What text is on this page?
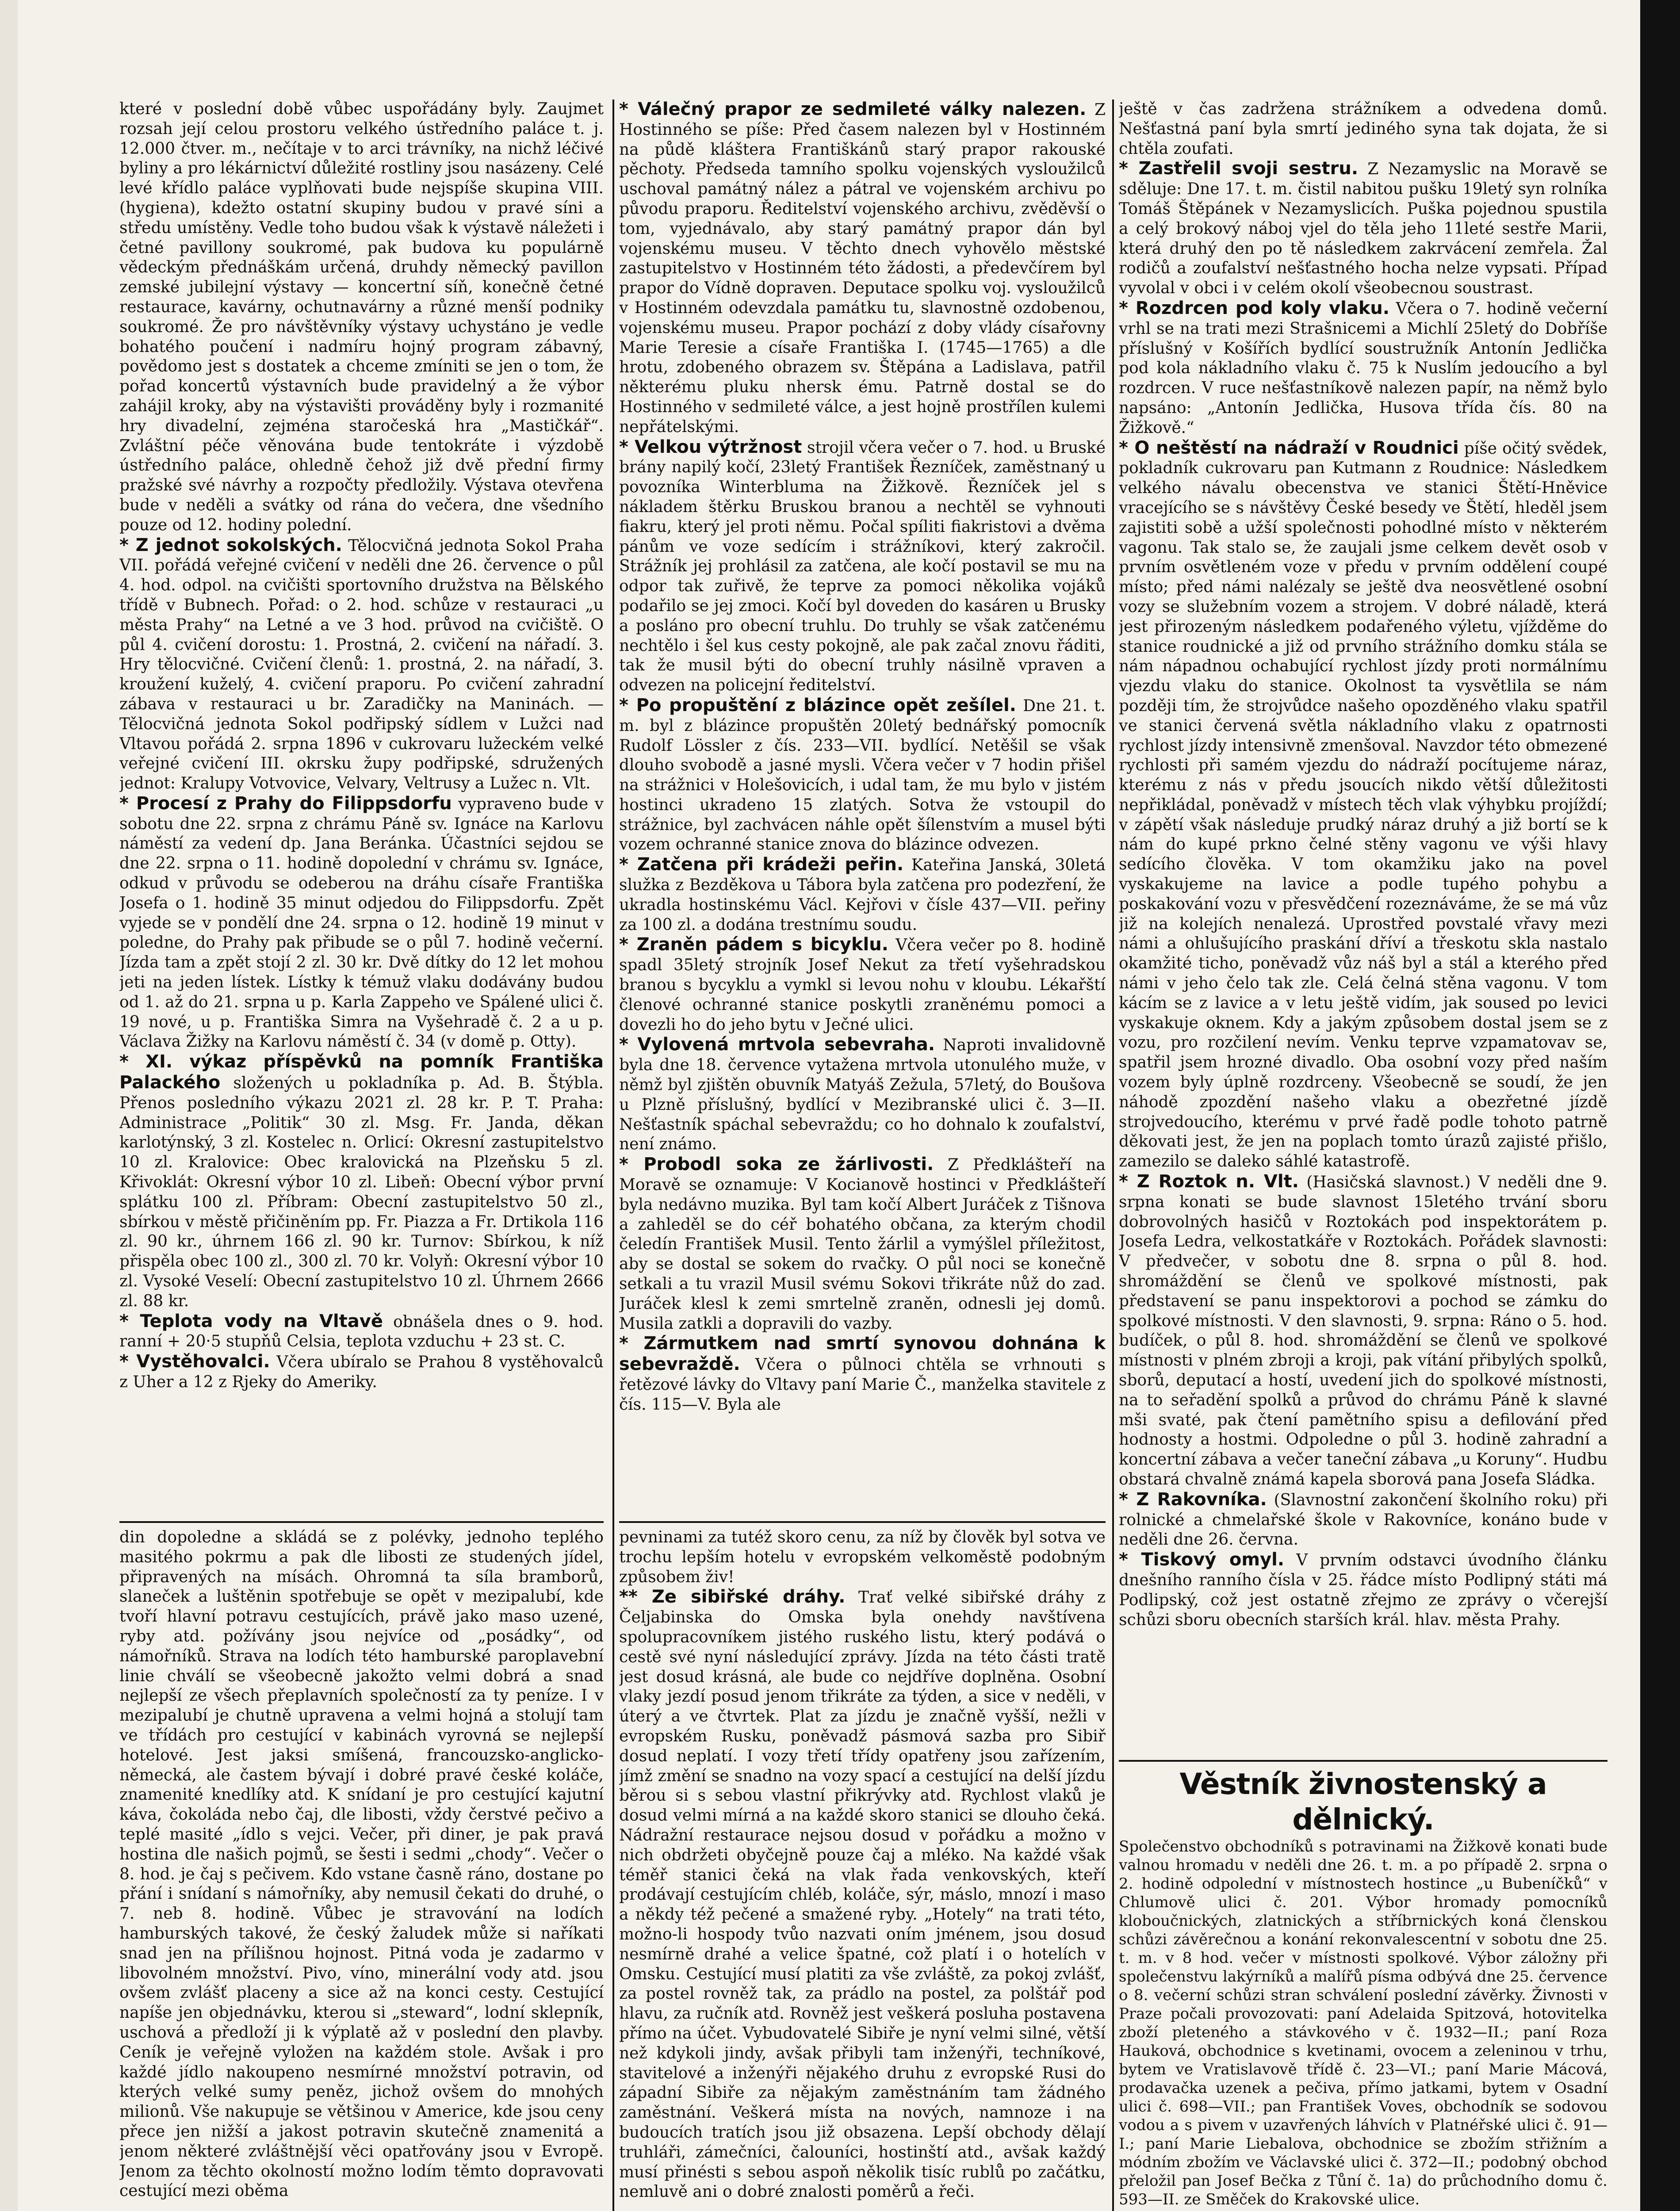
které v poslední době vůbec uspořádány byly. Zaujmet rozsah její celou prostoru velkého ústředního paláce t. j. 12.000 čtver. m., nečítaje v to arci trávníky, na nichž léčivé byliny a pro lékárnictví důležité rostliny jsou nasázeny. Celé levé křídlo paláce vyplňovati bude nejspíše skupina VIII. (hygiena), kdežto ostatní skupiny budou v pravé síni a středu umístěny. Vedle toho budou však k výstavě náležeti i četné pavillony soukromé, pak budova ku populárně vědeckým přednáškám určená, druhdy německý pavillon zemské jubilejní výstavy — koncertní síň, konečně četné restaurace, kavárny, ochutnavárny a různé menší podniky soukromé. Že pro návštěvníky výstavy uchystáno je vedle bohatého poučení i nadmíru hojný program zábavný, povědomo jest s dostatek a chceme zmíniti se jen o tom, že pořad koncertů výstavních bude pravidelný a že výbor zahájil kroky, aby na výstavišti prováděny byly i rozmanité hry divadelní, zejména staročeská hra „Mastičkář“. Zvláštní péče věnována bude tentokráte i výzdobě ústředního paláce, ohledně čehož již dvě přední firmy pražské své návrhy a rozpočty předložily. Výstava otevřena bude v neděli a svátky od rána do večera, dne všedního pouze od 12. hodiny polední.

* Z jednot sokolských. Tělocvičná jednota Sokol Praha VII. pořádá veřejné cvičení v neděli dne 26. července o půl 4. hod. odpol. na cvičišti sportovního družstva na Bělského třídě v Bubnech. Pořad: o 2. hod. schůze v restauraci „u města Prahy“ na Letné a ve 3 hod. průvod na cvičiště. O půl 4. cvičení dorostu: 1. Prostná, 2. cvičení na nářadí. 3. Hry tělocvičné. Cvičení členů: 1. prostná, 2. na nářadí, 3. kroužení kuželý, 4. cvičení praporu. Po cvičení zahradní zábava v restauraci u br. Zaradičky na Maninách. — Tělocvičná jednota Sokol podřipský sídlem v Lužci nad Vltavou pořádá 2. srpna 1896 v cukrovaru lužeckém velké veřejné cvičení III. okrsku župy podřipské, sdružených jednot: Kralupy Votvovice, Velvary, Veltrusy a Lužec n. Vlt.

* Procesí z Prahy do Filippsdorfu vypraveno bude v sobotu dne 22. srpna z chrámu Páně sv. Ignáce na Karlovu náměstí za vedení dp. Jana Beránka. Účastníci sejdou se dne 22. srpna o 11. hodině dopolední v chrámu sv. Ignáce, odkud v průvodu se odeberou na dráhu císaře Františka Josefa o 1. hodině 35 minut odjedou do Filippsdorfu. Zpět vyjede se v pondělí dne 24. srpna o 12. hodině 19 minut v poledne, do Prahy pak přibude se o půl 7. hodině večerní. Jízda tam a zpět stojí 2 zl. 30 kr. Dvě dítky do 12 let mohou jeti na jeden lístek. Lístky k témuž vlaku dodávány budou od 1. až do 21. srpna u p. Karla Zappeho ve Spálené ulici č. 19 nové, u p. Františka Simra na Vyšehradě č. 2 a u p. Václava Žižky na Karlovu náměstí č. 34 (v domě p. Otty).

* XI. výkaz příspěvků na pomník Františka Palackého složených u pokladníka p. Ad. B. Štýbla. Přenos posledního výkazu 2021 zl. 28 kr. P. T. Praha: Administrace „Politik“ 30 zl. Msg. Fr. Janda, děkan karlotýnský, 3 zl. Kostelec n. Orlicí: Okresní zastupitelstvo 10 zl. Kralovice: Obec kralovická na Plzeňsku 5 zl. Křivoklát: Okresní výbor 10 zl. Libeň: Obecní výbor první splátku 100 zl. Příbram: Obecní zastupitelstvo 50 zl., sbírkou v městě přičiněním pp. Fr. Piazza a Fr. Drtikola 116 zl. 90 kr., úhrnem 166 zl. 90 kr. Turnov: Sbírkou, k níž přispěla obec 100 zl., 300 zl. 70 kr. Volyň: Okresní výbor 10 zl. Vysoké Veselí: Obecní zastupitelstvo 10 zl. Úhrnem 2666 zl. 88 kr.

* Teplota vody na Vltavě obnášela dnes o 9. hod. ranní + 20·5 stupňů Celsia, teplota vzduchu + 23 st. C.

* Vystěhovalci. Včera ubíralo se Prahou 8 vystěhovalců z Uher a 12 z Rjeky do Ameriky.

din dopoledne a skládá se z polévky, jednoho teplého masitého pokrmu a pak dle libosti ze studených jídel, připravených na mísách. Ohromná ta síla bramborů, slaneček a luštěnin spotřebuje se opět v mezipalubí, kde tvoří hlavní potravu cestujících, právě jako maso uzené, ryby atd. požívány jsou nejvíce od „posádky“, od námořníků. Strava na lodích této hamburské paroplavební linie chválí se všeobecně jakožto velmi dobrá a snad nejlepší ze všech přeplavních společností za ty peníze. I v mezipalubí je chutně upravena a velmi hojná a stolují tam ve třídách pro cestující v kabinách vyrovná se nejlepší hotelové. Jest jaksi smíšená, francouzsko-anglicko-německá, ale častem bývají i dobré pravé české koláče, znamenité knedlíky atd. K snídaní je pro cestující kajutní káva, čokoláda nebo čaj, dle libosti, vždy čerstvé pečivo a teplé masité „ídlo s vejci. Večer, při diner, je pak pravá hostina dle našich pojmů, se šesti i sedmi „chody“. Večer o 8. hod. je čaj s pečivem. Kdo vstane časně ráno, dostane po přání i snídaní s námořníky, aby nemusil čekati do druhé, o 7. neb 8. hodině. Vůbec je stravování na lodích hamburských takové, že český žaludek může si naříkati snad jen na přílišnou hojnost. Pitná voda je zadarmo v libovolném množství. Pivo, víno, minerální vody atd. jsou ovšem zvlášť placeny a sice až na konci cesty. Cestující napíše jen objednávku, kterou si „steward“, lodní sklepník, uschová a předloží ji k výplatě až v poslední den plavby. Ceník je veřejně vyložen na každém stole. Avšak i pro každé jídlo nakoupeno nesmírné množství potravin, od kterých velké sumy peněz, jichož ovšem do mnohých milionů. Vše nakupuje se většinou v Americe, kde jsou ceny přece jen nižší a jakost potravin skutečně znamenitá a jenom některé zvláštnější věci opatřovány jsou v Evropě. Jenom za těchto okolností možno lodím těmto dopravovati cestující mezi oběma

* Válečný prapor ze sedmileté války nalezen. Z Hostinného se píše: Před časem nalezen byl v Hostinném na půdě kláštera Františkánů starý prapor rakouské pěchoty. Předseda tamního spolku vojenských vysloužilců uschoval památný nález a pátral ve vojenském archivu po původu praporu. Ředitelství vojenského archivu, zvěděvší o tom, vyjednávalo, aby starý památný prapor dán byl vojenskému museu. V těchto dnech vyhovělo městské zastupitelstvo v Hostinném této žádosti, a předevčírem byl prapor do Vídně dopraven. Deputace spolku voj. vysloužilců v Hostinném odevzdala památku tu, slavnostně ozdobenou, vojenskému museu. Prapor pochází z doby vlády císařovny Marie Teresie a císaře Františka I. (1745—1765) a dle hrotu, zdobeného obrazem sv. Štěpána a Ladislava, patřil některému pluku nhersk ému. Patrně dostal se do Hostinného v sedmileté válce, a jest hojně prostřílen kulemi nepřátelskými.

* Velkou výtržnost strojil včera večer o 7. hod. u Bruské brány napilý kočí, 23letý František Řezníček, zaměstnaný u povozníka Winterbluma na Žižkově. Řezníček jel s nákladem štěrku Bruskou branou a nechtěl se vyhnouti fiakru, který jel proti němu. Počal spíliti fiakristovi a dvěma pánům ve voze sedícím i strážníkovi, který zakročil. Strážník jej prohlásil za zatčena, ale kočí postavil se mu na odpor tak zuřivě, že teprve za pomoci několika vojáků podařilo se jej zmoci. Kočí byl doveden do kasáren u Brusky a posláno pro obecní truhlu. Do truhly se však zatčenému nechtělo i šel kus cesty pokojně, ale pak začal znovu řáditi, tak že musil býti do obecní truhly násilně vpraven a odvezen na policejní ředitelství.

* Po propuštění z blázince opět zešílel. Dne 21. t. m. byl z blázince propuštěn 20letý bednářský pomocník Rudolf Lössler z čís. 233—VII. bydlící. Netěšil se však dlouho svobodě a jasné mysli. Včera večer v 7 hodin přišel na strážnici v Holešovicích, i udal tam, že mu bylo v jistém hostinci ukradeno 15 zlatých. Sotva že vstoupil do strážnice, byl zachvácen náhle opět šílenstvím a musel býti vozem ochranné stanice znova do blázince odvezen.

* Zatčena při krádeži peřin. Kateřina Janská, 30letá služka z Bezděkova u Tábora byla zatčena pro podezření, že ukradla hostinskému Václ. Kejřovi v čísle 437—VII. peřiny za 100 zl. a dodána trestnímu soudu.

* Zraněn pádem s bicyklu. Včera večer po 8. hodině spadl 35letý strojník Josef Nekut za třetí vyšehradskou branou s bycyklu a vymkl si levou nohu v kloubu. Lékařští členové ochranné stanice poskytli zraněnému pomoci a dovezli ho do jeho bytu v Ječné ulici.

* Vylovená mrtvola sebevraha. Naproti invalidovně byla dne 18. července vytažena mrtvola utonulého muže, v němž byl zjištěn obuvník Matyáš Zežula, 57letý, do Boušova u Plzně příslušný, bydlící v Mezibranské ulici č. 3—II. Nešťastník spáchal sebevraždu; co ho dohnalo k zoufalství, není známo.

* Probodl soka ze žárlivosti. Z Předklášteří na Moravě se oznamuje: V Kocianově hostinci v Předklášteří byla nedávno muzika. Byl tam kočí Albert Juráček z Tišnova a zahleděl se do céř bohatého občana, za kterým chodil čeledín František Musil. Tento žárlil a vymýšlel příležitost, aby se dostal se sokem do rvačky. O půl noci se konečně setkali a tu vrazil Musil svému Sokovi třikráte nůž do zad. Juráček klesl k zemi smrtelně zraněn, odnesli jej domů. Musila zatkli a dopravili do vazby.

* Zármutkem nad smrtí synovou dohnána k sebevraždě. Včera o půlnoci chtěla se vrhnouti s řetězové lávky do Vltavy paní Marie Č., manželka stavitele z čís. 115—V. Byla ale

pevninami za tutéž skoro cenu, za níž by člověk byl sotva ve trochu lepším hotelu v evropském velkoměstě podobným způsobem živ!

** Ze sibiřské dráhy. Trať velké sibiřské dráhy z Čeljabinska do Omska byla onehdy navštívena spolupracovníkem jistého ruského listu, který podává o cestě své nyní následující zprávy. Jízda na této části tratě jest dosud krásná, ale bude co nejdříve doplněna. Osobní vlaky jezdí posud jenom třikráte za týden, a sice v neděli, v úterý a ve čtvrtek. Plat za jízdu je značně vyšší, nežli v evropském Rusku, poněvadž pásmová sazba pro Sibiř dosud neplatí. I vozy třetí třídy opatřeny jsou zařízením, jímž změní se snadno na vozy spací a cestující na delší jízdu běrou si s sebou vlastní přikrývky atd. Rychlost vlaků je dosud velmi mírná a na každé skoro stanici se dlouho čeká. Nádražní restaurace nejsou dosud v pořádku a možno v nich obdržeti obyčejně pouze čaj a mléko. Na každé však téměř stanici čeká na vlak řada venkovských, kteří prodávají cestujícím chléb, koláče, sýr, máslo, mnozí i maso a někdy též pečené a smažené ryby. „Hotely“ na trati této, možno-li hospody tvůo nazvati oním jménem, jsou dosud nesmírně drahé a velice špatné, což platí i o hotelích v Omsku. Cestující musí platiti za vše zvláště, za pokoj zvlášť, za postel rovněž tak, za prádlo na postel, za polštář pod hlavu, za ručník atd. Rovněž jest veškerá posluha postavena přímo na účet. Vybudovatelé Sibiře je nyní velmi silné, větší než kdykoli jindy, avšak přibyli tam inženýři, techníkové, stavitelové a inženýři nějakého druhu z evropské Rusi do západní Sibiře za nějakým zaměstnáním tam žádného zaměstnání. Veškerá místa na nových, namnoze i na budoucích tratích jsou již obsazena. Lepší obchody dělají truhláři, zámečníci, čalouníci, hostinští atd., avšak každý musí přinésti s sebou aspoň několik tisíc rublů po začátku, nemluvě ani o dobré znalosti poměrů a řeči.

ještě v čas zadržena strážníkem a odvedena domů. Nešťastná paní byla smrtí jediného syna tak dojata, že si chtěla zoufati.

* Zastřelil svoji sestru. Z Nezamyslic na Moravě se sděluje: Dne 17. t. m. čistil nabitou pušku 19letý syn rolníka Tomáš Štěpánek v Nezamyslicích. Puška pojednou spustila a celý brokový náboj vjel do těla jeho 11leté sestře Marii, která druhý den po tě následkem zakrvácení zemřela. Žal rodičů a zoufalství nešťastného hocha nelze vypsati. Případ vyvolal v obci i v celém okolí všeobecnou soustrast.

* Rozdrcen pod koly vlaku. Včera o 7. hodině večerní vrhl se na trati mezi Strašnicemi a Michlí 25letý do Dobříše příslušný v Košířích bydlící soustružník Antonín Jedlička pod kola nákladního vlaku č. 75 k Nuslím jedoucího a byl rozdrcen. V ruce nešťastníkově nalezen papír, na němž bylo napsáno: „Antonín Jedlička, Husova třída čís. 80 na Žižkově.“

* O neštěstí na nádraží v Roudnici píše očitý svědek, pokladník cukrovaru pan Kutmann z Roudnice: Následkem velkého návalu obecenstva ve stanici Štětí-Hněvice vracejícího se s návštěvy České besedy ve Štětí, hleděl jsem zajistiti sobě a užší společnosti pohodlné místo v některém vagonu. Tak stalo se, že zaujali jsme celkem devět osob v prvním osvětleném voze v předu v prvním oddělení coupé místo; před námi nalézaly se ještě dva neosvětlené osobní vozy se služebním vozem a strojem. V dobré náladě, která jest přirozeným následkem podařeného výletu, vjížděme do stanice roudnické a již od prvního strážního domku stála se nám nápadnou ochabující rychlost jízdy proti normálnímu vjezdu vlaku do stanice. Okolnost ta vysvětlila se nám později tím, že strojvůdce našeho opozděného vlaku spatřil ve stanici červená světla nákladního vlaku z opatrnosti rychlost jízdy intensivně zmenšoval. Navzdor této obmezené rychlosti při samém vjezdu do nádraží pocítujeme náraz, kterému z nás v předu jsoucích nikdo větší důležitosti nepřikládal, poněvadž v místech těch vlak výhybku projíždí; v zápětí však následuje prudký náraz druhý a již bortí se k nám do kupé prkno čelné stěny vagonu ve výši hlavy sedícího člověka. V tom okamžiku jako na povel vyskakujeme na lavice a podle tupého pohybu a poskakování vozu v přesvědčení rozeznáváme, že se má vůz již na kolejích nenalezá. Uprostřed povstalé vřavy mezi námi a ohlušujícího praskání dříví a třeskotu skla nastalo okamžité ticho, poněvadž vůz náš byl a stál a kterého před námi v jeho čelo tak zle. Celá čelná stěna vagonu. V tom kácím se z lavice a v letu ještě vidím, jak soused po levici vyskakuje oknem. Kdy a jakým způsobem dostal jsem se z vozu, pro rozčilení nevím. Venku teprve vzpamatovav se, spatřil jsem hrozné divadlo. Oba osobní vozy před naším vozem byly úplně rozdrceny. Všeobecně se soudí, že jen náhodě zpozdění našeho vlaku a obezřetné jízdě strojvedoucího, kterému v prvé řadě podle tohoto patrně děkovati jest, že jen na poplach tomto úrazů zajisté přišlo, zamezilo se daleko sáhlé katastrofě.

* Z Roztok n. Vlt. (Hasičská slavnost.) V neděli dne 9. srpna konati se bude slavnost 15letého trvání sboru dobrovolných hasičů v Roztokách pod inspektorátem p. Josefa Ledra, velkostatkáře v Roztokách. Pořádek slavnosti: V předvečer, v sobotu dne 8. srpna o půl 8. hod. shromáždění se členů ve spolkové místnosti, pak představení se panu inspektorovi a pochod se zámku do spolkové místnosti. V den slavnosti, 9. srpna: Ráno o 5. hod. budíček, o půl 8. hod. shromáždění se členů ve spolkové místnosti v plném zbroji a kroji, pak vítání přibylých spolků, sborů, deputací a hostí, uvedení jich do spolkové místnosti, na to seřadění spolků a průvod do chrámu Páně k slavné mši svaté, pak čtení pamětního spisu a defilování před hodnosty a hostmi. Odpoledne o půl 3. hodině zahradní a koncertní zábava a večer taneční zábava „u Koruny“. Hudbu obstará chvalně známá kapela sborová pana Josefa Sládka.

* Z Rakovníka. (Slavnostní zakončení školního roku) při rolnické a chmelařské škole v Rakovníce, konáno bude v neděli dne 26. června.

* Tiskový omyl. V prvním odstavci úvodního článku dnešního ranního čísla v 25. řádce místo Podlipný státi má Podlipský, což jest ostatně zřejmo ze zprávy o včerejší schůzi sboru obecních starších král. hlav. města Prahy.

Věstník živnostenský a dělnický.

Společenstvo obchodníků s potravinami na Žižkově konati bude valnou hromadu v neděli dne 26. t. m. a po případě 2. srpna o 2. hodině odpolední v místnostech hostince „u Bubeníčků“ v Chlumově ulici č. 201. Výbor hromady pomocníků kloboučnických, zlatnických a stříbrnických koná členskou schůzi závěrečnou a konání rekonvalescentní v sobotu dne 25. t. m. v 8 hod. večer v místnosti spolkové. Výbor záložny při společenstvu lakýrníků a malířů písma odbývá dne 25. července o 8. večerní schůzi stran schválení poslední závěrky. Živnosti v Praze počali provozovati: paní Adelaida Spitzová, hotovitelka zboží pleteného a stávkového v č. 1932—II.; paní Roza Hauková, obchodnice s kvetinami, ovocem a zeleninou v trhu, bytem ve Vratislavově třídě č. 23—VI.; paní Marie Mácová, prodavačka uzenek a pečiva, přímo jatkami, bytem v Osadní ulici č. 698—VII.; pan František Voves, obchodník se sodovou vodou a s pivem v uzavřených láhvích v Platnéřské ulici č. 91—I.; paní Marie Liebalova, obchodnice se zbožím střižním a módním zbožím ve Václavské ulici č. 372—II.; podobný obchod přeložil pan Josef Bečka z Tůní č. 1a) do průchodního domu č. 593—II. ze Směček do Krakovské ulice.
